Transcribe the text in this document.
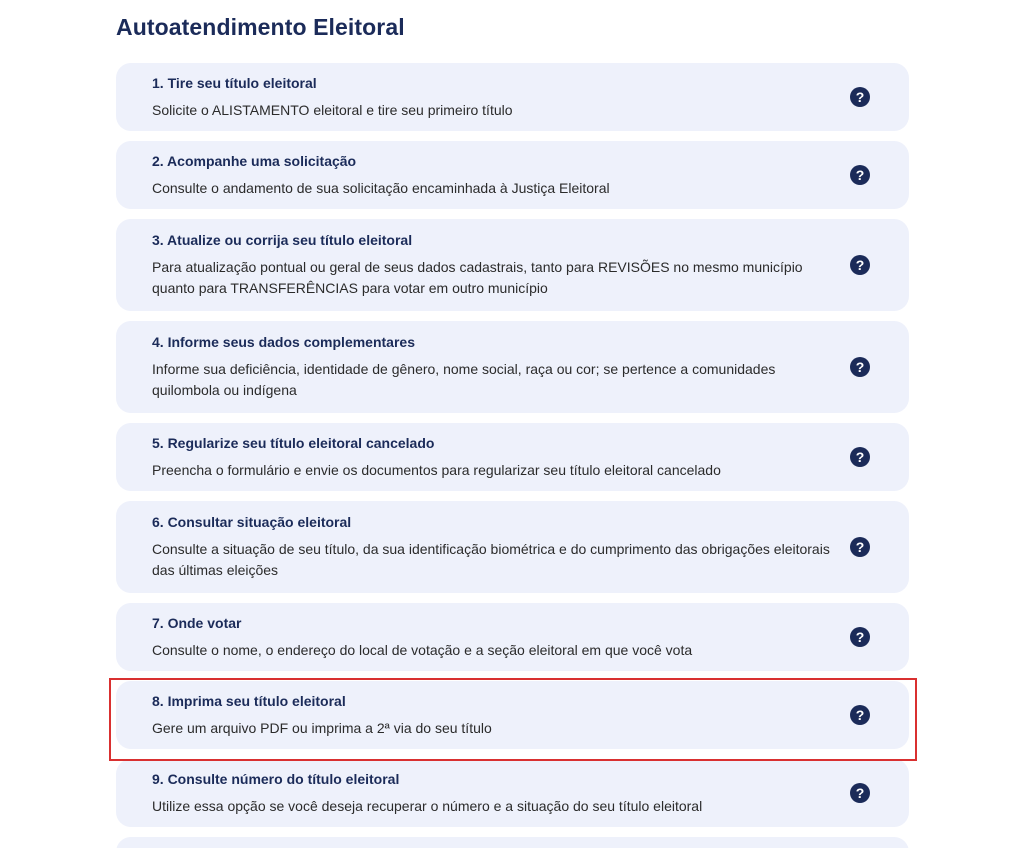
Autoatendimento Eleitoral

1. Tire seu título eleitoral

Solicite o ALISTAMENTO eleitoral e tire seu primeiro título

?

2. Acompanhe uma solicitação

Consulte o andamento de sua solicitação encaminhada à Justiça Eleitoral

?

3. Atualize ou corrija seu título eleitoral

Para atualização pontual ou geral de seus dados cadastrais, tanto para REVISÕES no mesmo município quanto para TRANSFERÊNCIAS para votar em outro município

?

4. Informe seus dados complementares

Informe sua deficiência, identidade de gênero, nome social, raça ou cor; se pertence a comunidades quilombola ou indígena

?

5. Regularize seu título eleitoral cancelado

Preencha o formulário e envie os documentos para regularizar seu título eleitoral cancelado

?

6. Consultar situação eleitoral

Consulte a situação de seu título, da sua identificação biométrica e do cumprimento das obrigações eleitorais das últimas eleições

?

7. Onde votar

Consulte o nome, o endereço do local de votação e a seção eleitoral em que você vota

?

8. Imprima seu título eleitoral

Gere um arquivo PDF ou imprima a 2ª via do seu título

?

9. Consulte número do título eleitoral

Utilize essa opção se você deseja recuperar o número e a situação do seu título eleitoral

?
